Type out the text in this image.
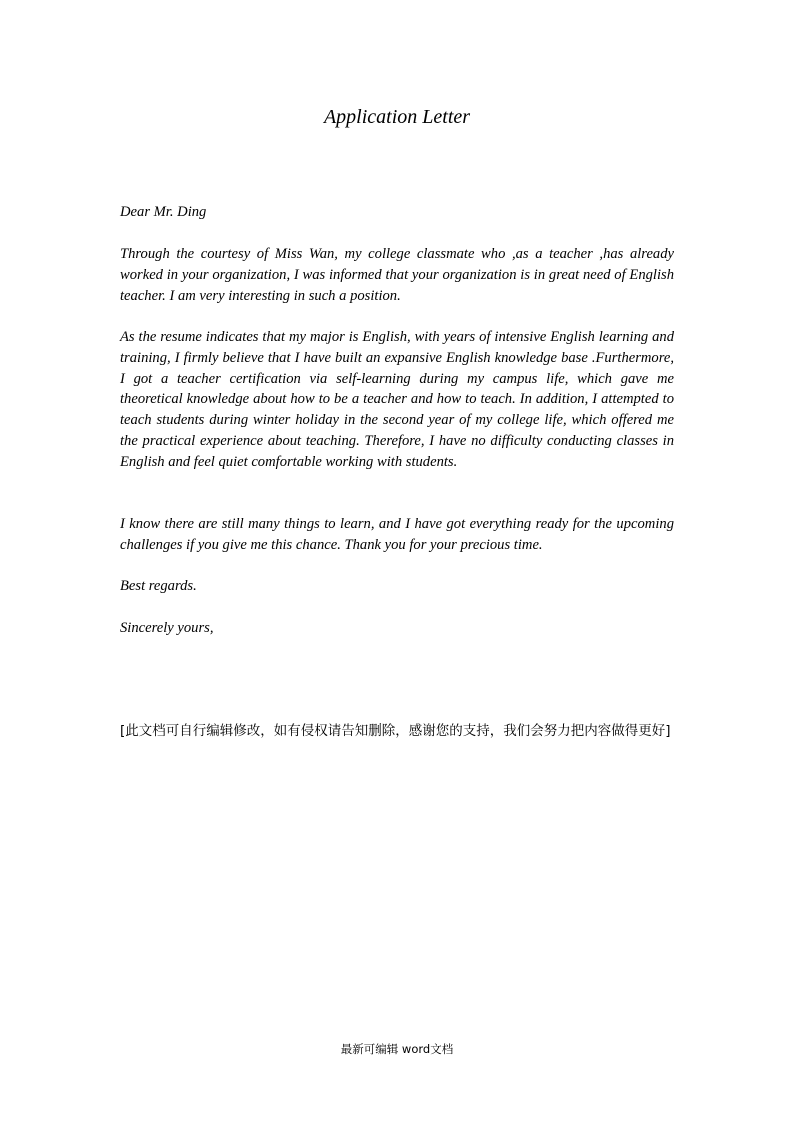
Application Letter

Dear Mr. Ding

Through the courtesy of Miss Wan, my college classmate who ,as a teacher ,has already worked in your organization, I was informed that your organization is in great need of English teacher. I am very interesting in such a position.

As the resume indicates that my major is English, with years of intensive English learning and training, I firmly believe that I have built an expansive English knowledge base .Furthermore, I got a teacher certification via self-learning during my campus life, which gave me theoretical knowledge about how to be a teacher and how to teach. In addition, I attempted to teach students during winter holiday in the second year of my college life, which offered me the practical experience about teaching. Therefore, I have no difficulty conducting classes in English and feel quiet comfortable working with students.

I know there are still many things to learn, and I have got everything ready for the upcoming challenges if you give me this chance. Thank you for your precious time.

Best regards.

Sincerely yours,

[此文档可自行编辑修改，如有侵权请告知删除，感谢您的支持，我们会努力把内容做得更好]

最新可编辑 word文档
